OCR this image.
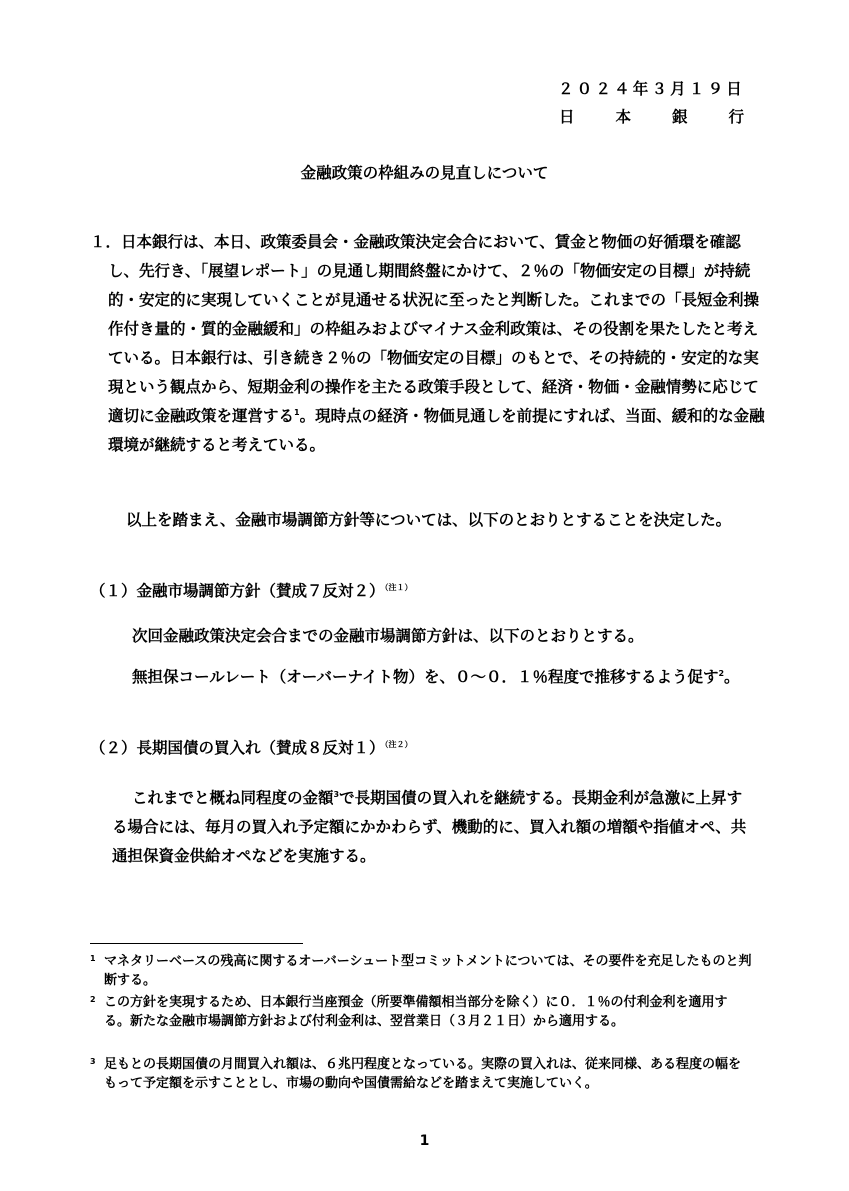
２０２４年３月１９日
日	本	銀	行
金融政策の枠組みの見直しについて
１．日本銀行は、本日、政策委員会・金融政策決定会合において、賃金と物価の好循環を確認し、先行き、「展望レポート」の見通し期間終盤にかけて、２％の「物価安定の目標」が持続的・安定的に実現していくことが見通せる状況に至ったと判断した。これまでの「長短金利操作付き量的・質的金融緩和」の枠組みおよびマイナス金利政策は、その役割を果たしたと考えている。日本銀行は、引き続き２％の「物価安定の目標」のもとで、その持続的・安定的な実現という観点から、短期金利の操作を主たる政策手段として、経済・物価・金融情勢に応じて適切に金融政策を運営する$^1$。現時点の経済・物価見通しを前提にすれば、当面、緩和的な金融環境が継続すると考えている。
以上を踏まえ、金融市場調節方針等については、以下のとおりとすることを決定した。
（１）金融市場調節方針（賛成７反対２）$^{(注1)}$
次回金融政策決定会合までの金融市場調節方針は、以下のとおりとする。
無担保コールレート（オーバーナイト物）を、０～０．１％程度で推移するよう促す$^2$。
（２）長期国債の買入れ（賛成８反対１）$^{(注2)}$
これまでと概ね同程度の金額$^3$で長期国債の買入れを継続する。長期金利が急激に上昇する場合には、毎月の買入れ予定額にかかわらず、機動的に、買入れ額の増額や指値オペ、共通担保資金供給オペなどを実施する。
1 マネタリーベースの残高に関するオーバーシュート型コミットメントについては、その要件を充足したものと判断する。
2 この方針を実現するため、日本銀行当座預金（所要準備額相当部分を除く）に０．１％の付利金利を適用する。新たな金融市場調節方針および付利金利は、翌営業日（３月２１日）から適用する。
3 足もとの長期国債の月間買入れ額は、６兆円程度となっている。実際の買入れは、従来同様、ある程度の幅をもって予定額を示すこととし、市場の動向や国債需給などを踏まえて実施していく。
1
